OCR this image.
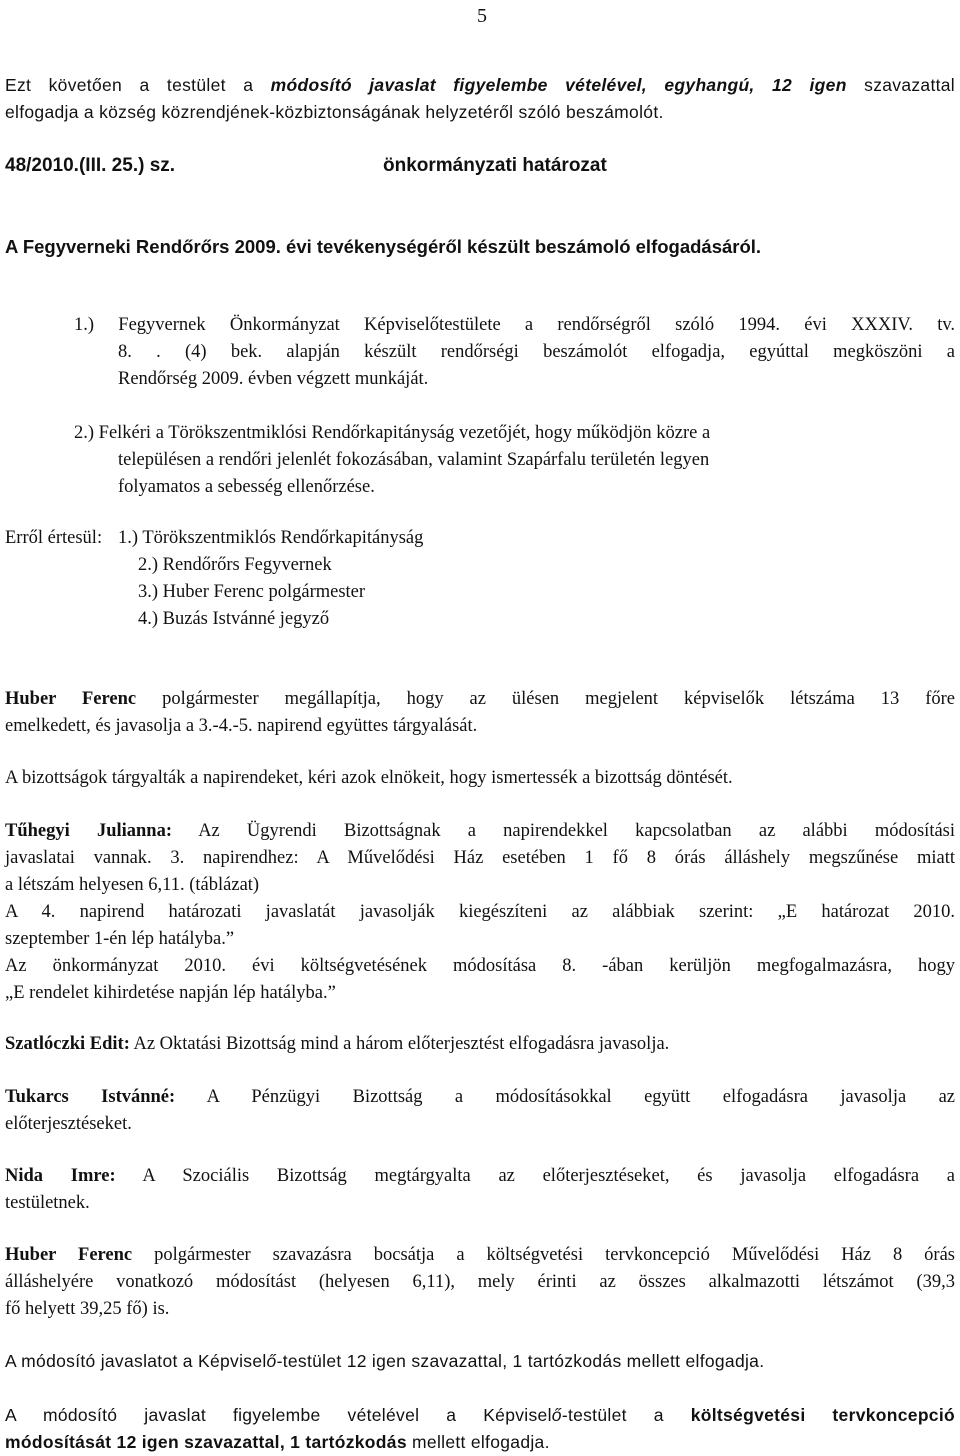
5
Ezt követően a testület a módosító javaslat figyelembe vételével, egyhangú, 12 igen szavazattal
elfogadja a község közrendjének-közbiztonságának helyzetéről szóló beszámolót.
48/2010.(III. 25.) sz.	önkormányzati határozat
A Fegyverneki Rendőrőrs 2009. évi tevékenységéről készült beszámoló elfogadásáról.
1.) Fegyvernek Önkormányzat Képviselőtestülete a rendőrségről szóló 1994. évi XXXIV. tv.
8. . (4) bek. alapján készült rendőrségi beszámolót elfogadja, egyúttal megköszöni a
Rendőrség 2009. évben végzett munkáját.
2.) Felkéri a Törökszentmiklósi Rendőrkapitányság vezetőjét, hogy működjön közre a
településen a rendőri jelenlét fokozásában, valamint Szapárfalu területén legyen
folyamatos a sebesség ellenőrzése.
Erről értesül: 1.) Törökszentmiklós Rendőrkapitányság
2.) Rendőrőrs Fegyvernek
3.) Huber Ferenc polgármester
4.) Buzás Istvánné jegyző
Huber Ferenc polgármester megállapítja, hogy az ülésen megjelent képviselők létszáma 13 főre
emelkedett, és javasolja a 3.-4.-5. napirend együttes tárgyalását.
A bizottságok tárgyalták a napirendeket, kéri azok elnökeit, hogy ismertessék a bizottság döntését.
Tűhegyi Julianna: Az Ügyrendi Bizottságnak a napirendekkel kapcsolatban az alábbi módosítási
javaslatai vannak. 3. napirendhez: A Művelődési Ház esetében 1 fő 8 órás álláshely megszűnése miatt
a létszám helyesen 6,11. (táblázat)
A 4. napirend határozati javaslatát javasolják kiegészíteni az alábbiak szerint: „E határozat 2010.
szeptember 1-én lép hatályba.”
Az önkormányzat 2010. évi költségvetésének módosítása 8. -ában kerüljön megfogalmazásra, hogy
„E rendelet kihirdetése napján lép hatályba.”
Szatlóczki Edit: Az Oktatási Bizottság mind a három előterjesztést elfogadásra javasolja.
Tukarcs Istvánné: A Pénzügyi Bizottság a módosításokkal együtt elfogadásra javasolja az
előterjesztéseket.
Nida Imre: A Szociális Bizottság megtárgyalta az előterjesztéseket, és javasolja elfogadásra a
testületnek.
Huber Ferenc polgármester szavazásra bocsátja a költségvetési tervkoncepció Művelődési Ház 8 órás
álláshelyére vonatkozó módosítást (helyesen 6,11), mely érinti az összes alkalmazotti létszámot (39,3
fő helyett 39,25 fő) is.
A módosító javaslatot a Képviselő-testület 12 igen szavazattal, 1 tartózkodás mellett elfogadja.
A módosító javaslat figyelembe vételével a Képviselő-testület a költségvetési tervkoncepció
módosítását 12 igen szavazattal, 1 tartózkodás mellett elfogadja.
